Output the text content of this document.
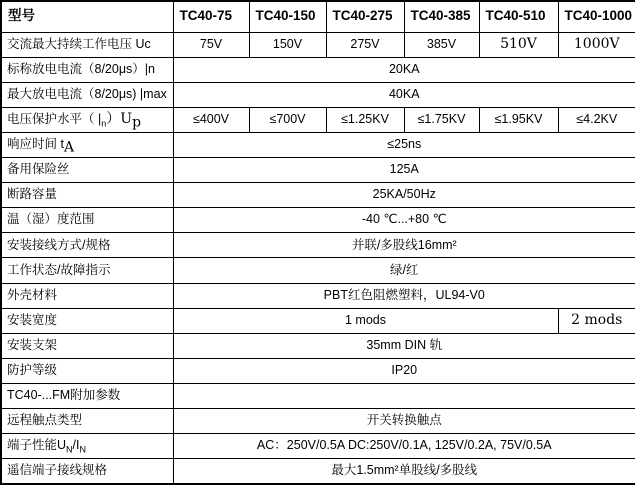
型号	TC40-75	TC40-150	TC40-275	TC40-385	TC40-510	TC40-1000
交流最大持续工作电压 Uc	75V	150V	275V	385V	510V	1000V
标称放电电流（8/20μs）|n	20KA					
最大放电电流（8/20μs) |max	40KA					
电压保护水平（ $|_n)U_p$	≤400V	≤700V	≤1.25KV	≤1.75KV	≤1.95KV	≤4.2KV
响应时间 $t_A$	≤25ns					
备用保险丝	125A					
断路容量	25KA/50Hz					
温（湿）度范围	-40 ℃...+80 ℃					
安装接线方式/规格	并联/多股线16mm²					
工作状态/故障指示	绿/红					
外壳材料	PBT红色阻燃塑料，UL94-V0					
安装宽度	1 mods					2 mods
安装支架	35mm DIN 轨					
防护等级	IP20					
TC40-...FM附加参数						
远程触点类型	开关转换触点					
端子性能$U_N/I_N$	AC：250V/0.5A DC:250V/0.1A, 125V/0.2A, 75V/0.5A					
遥信端子接线规格	最大1.5mm²单股线/多股线					
